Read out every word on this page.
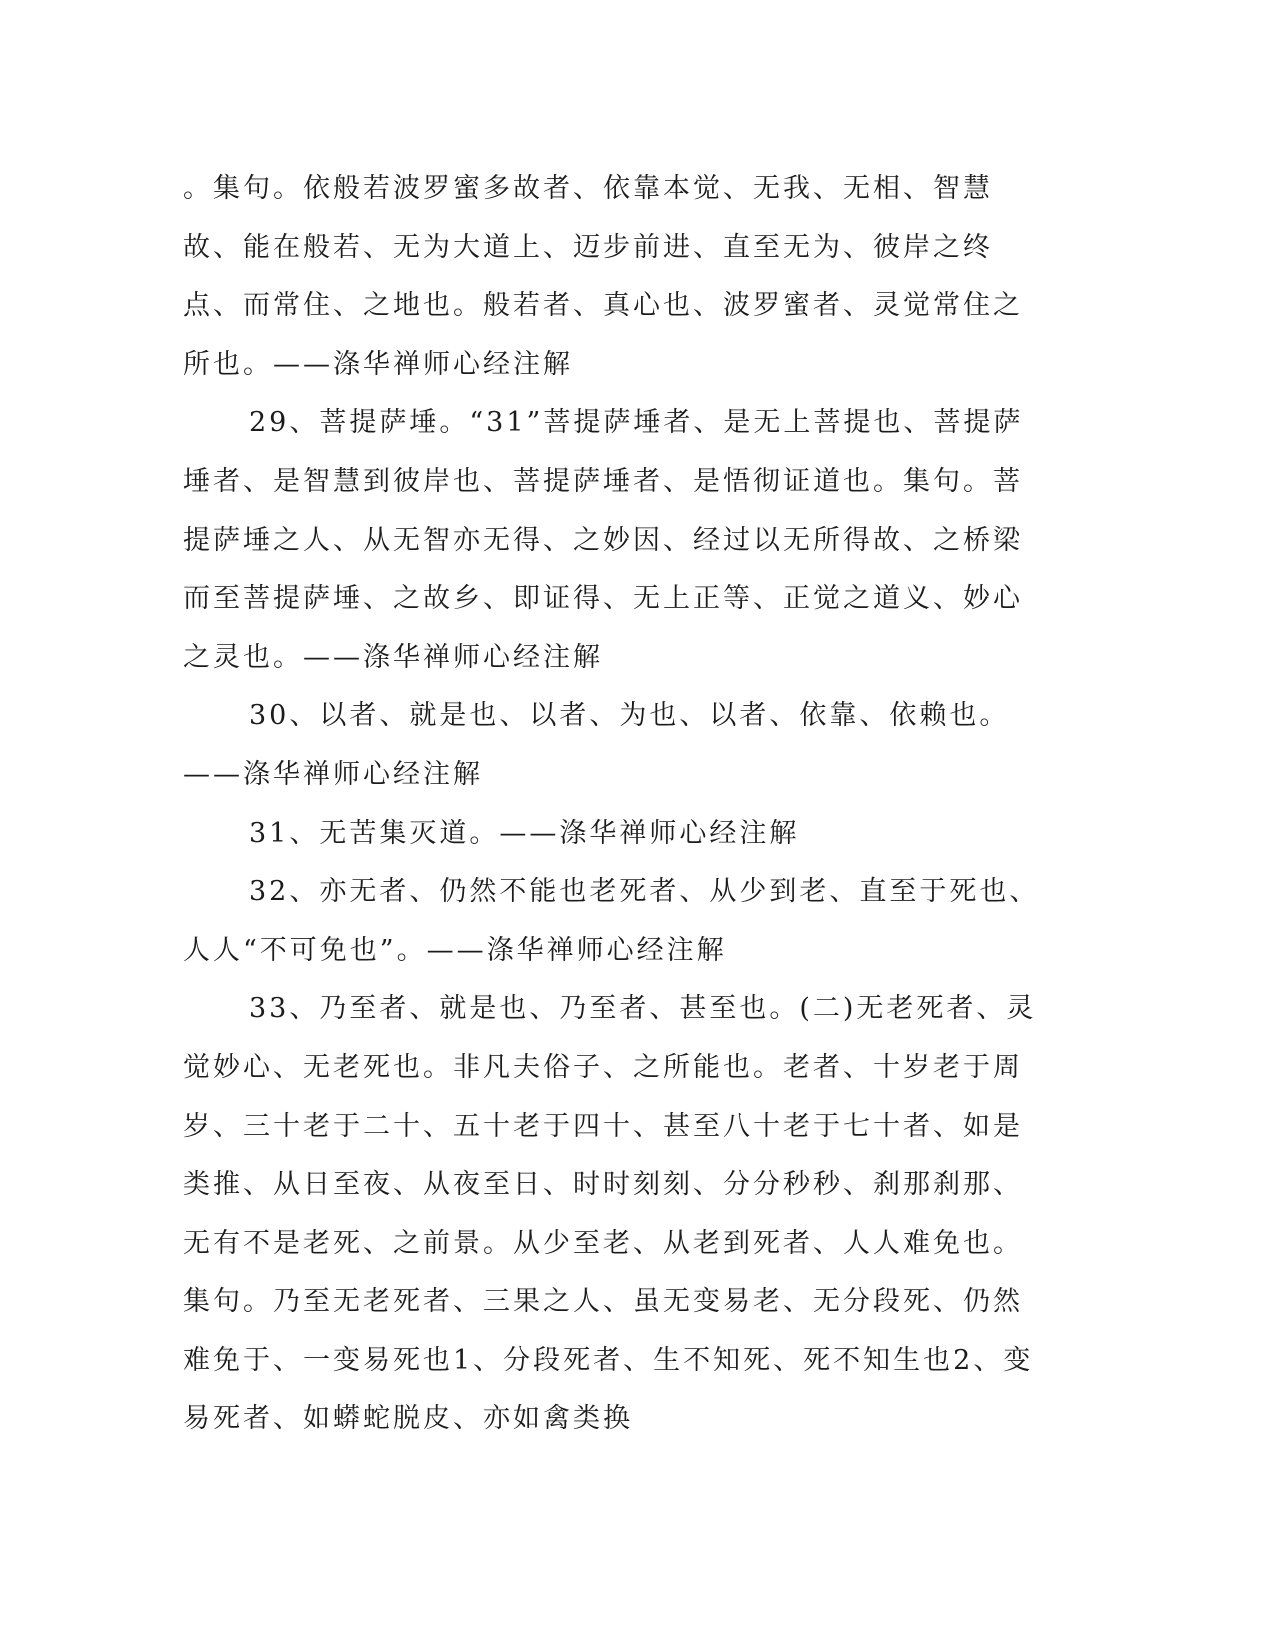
。集句。依般若波罗蜜多故者、依靠本觉、无我、无相、智慧故、能在般若、无为大道上、迈步前进、直至无为、彼岸之终点、而常住、之地也。般若者、真心也、波罗蜜者、灵觉常住之所也。——涤华禅师心经注解

29、菩提萨埵。“31”菩提萨埵者、是无上菩提也、菩提萨埵者、是智慧到彼岸也、菩提萨埵者、是悟彻证道也。集句。菩提萨埵之人、从无智亦无得、之妙因、经过以无所得故、之桥梁而至菩提萨埵、之故乡、即证得、无上正等、正觉之道义、妙心之灵也。——涤华禅师心经注解

30、以者、就是也、以者、为也、以者、依靠、依赖也。——涤华禅师心经注解

31、无苦集灭道。——涤华禅师心经注解

32、亦无者、仍然不能也老死者、从少到老、直至于死也、人人“不可免也”。——涤华禅师心经注解

33、乃至者、就是也、乃至者、甚至也。(二)无老死者、灵觉妙心、无老死也。非凡夫俗子、之所能也。老者、十岁老于周岁、三十老于二十、五十老于四十、甚至八十老于七十者、如是类推、从日至夜、从夜至日、时时刻刻、分分秒秒、刹那刹那、无有不是老死、之前景。从少至老、从老到死者、人人难免也。集句。乃至无老死者、三果之人、虽无变易老、无分段死、仍然难免于、一变易死也1、分段死者、生不知死、死不知生也2、变易死者、如蟒蛇脱皮、亦如禽类换
